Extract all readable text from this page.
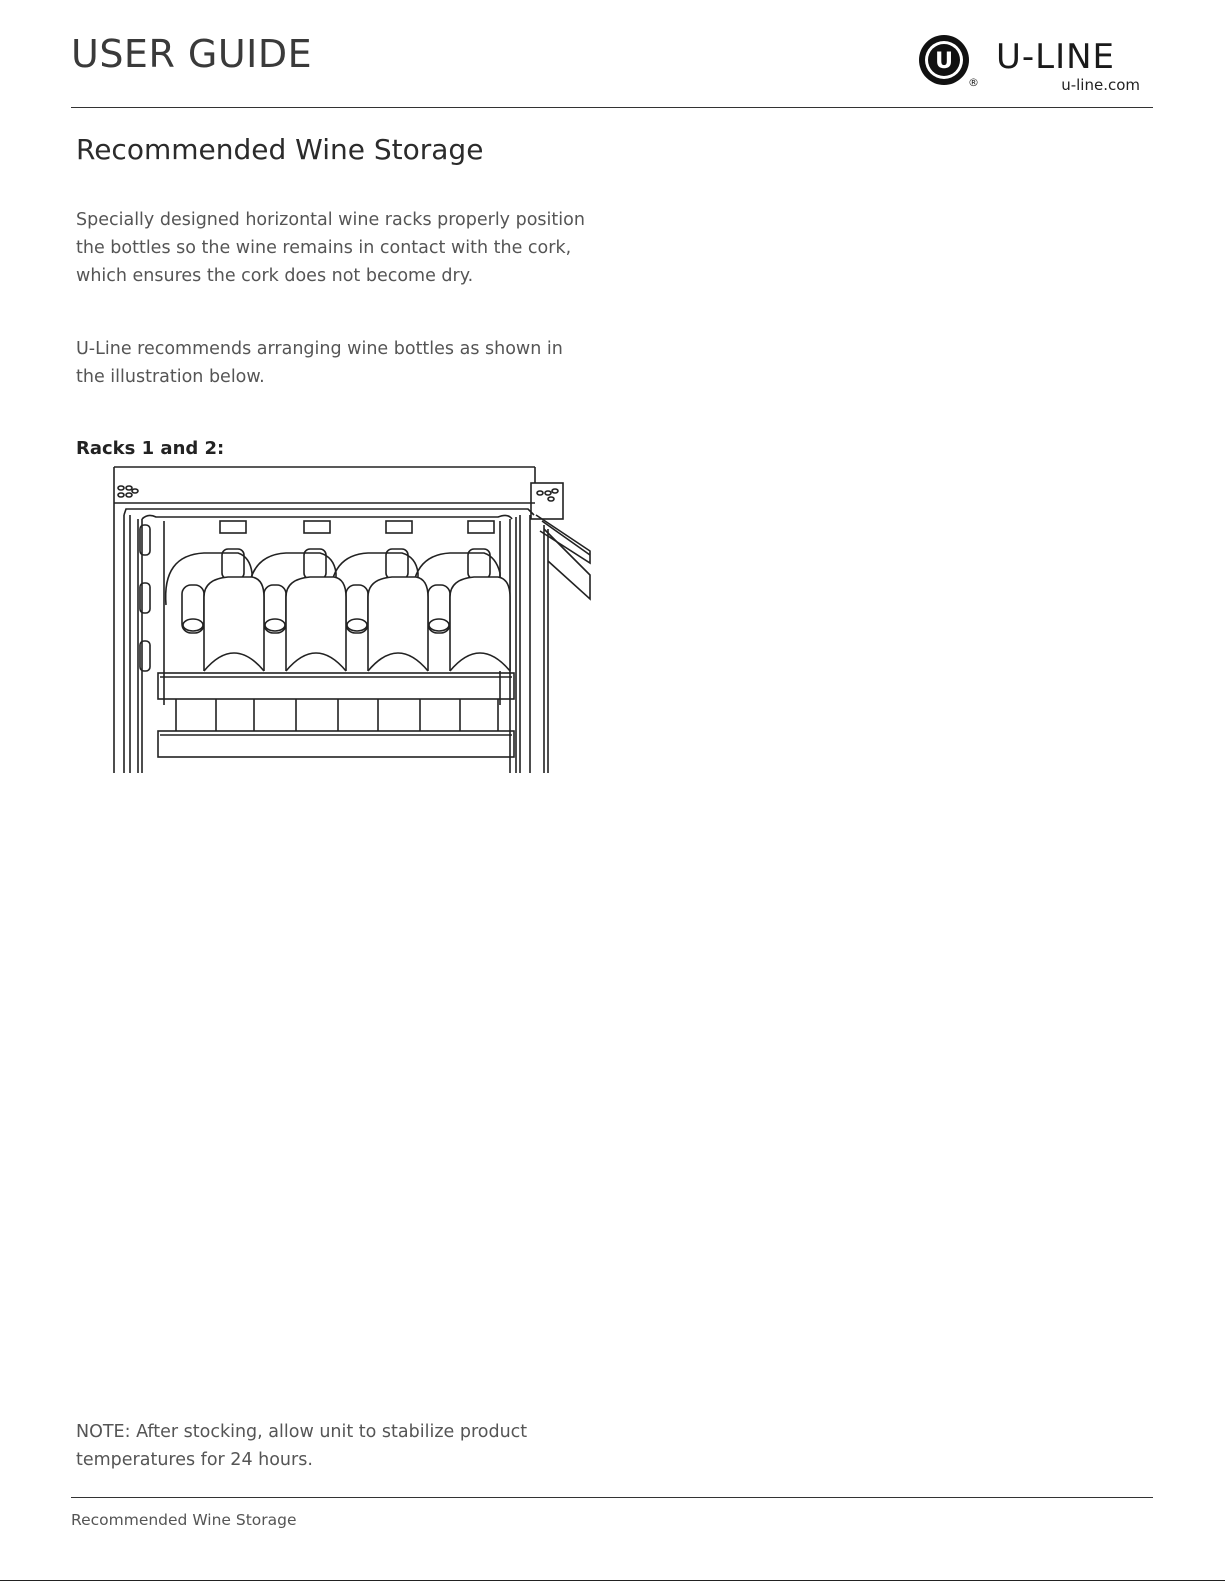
USER GUIDE	U
®
U-LINE
u-line.com
Recommended Wine Storage

Specially designed horizontal wine racks properly position the bottles so the wine remains in contact with the cork, which ensures the cork does not become dry.

U-Line recommends arranging wine bottles as shown in the illustration below.

Racks 1 and 2:

NOTE: After stocking, allow unit to stabilize product temperatures for 24 hours.

Recommended Wine Storage
